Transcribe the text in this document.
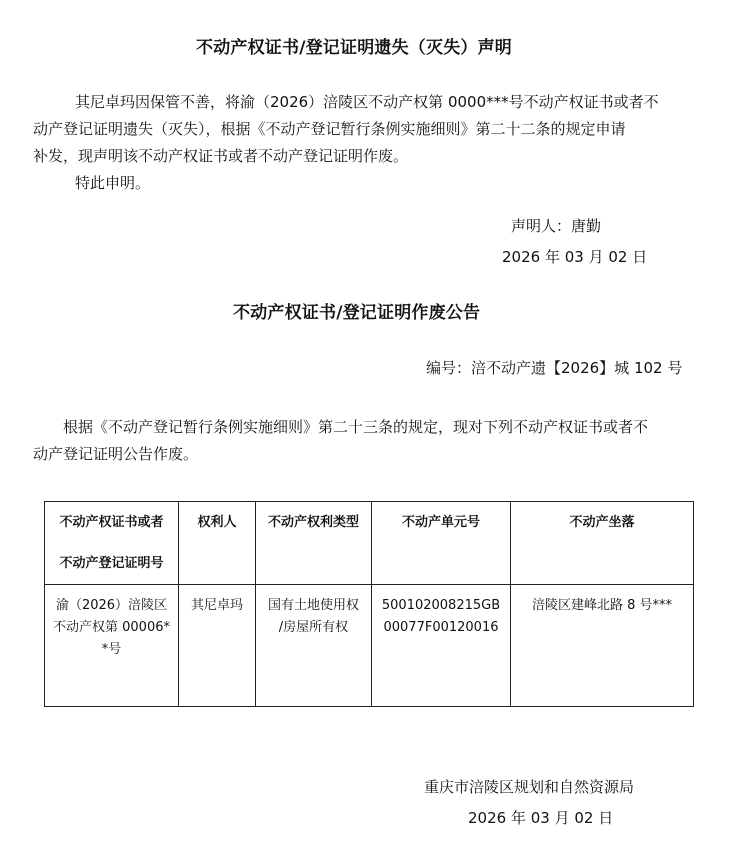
不动产权证书/登记证明遗失（灭失）声明
其尼卓玛因保管不善，将渝（2026）涪陵区不动产权第 0000***号不动产权证书或者不
动产登记证明遗失（灭失），根据《不动产登记暂行条例实施细则》第二十二条的规定申请
补发，现声明该不动产权证书或者不动产登记证明作废。
特此申明。
声明人：唐勤
2026 年 03 月 02 日
不动产权证书/登记证明作废公告
编号：涪不动产遗【2026】城 102 号
根据《不动产登记暂行条例实施细则》第二十三条的规定，现对下列不动产权证书或者不
动产登记证明公告作废。
不动产权证书或者
不动产登记证明号	权利人	不动产权利类型	不动产单元号	不动产坐落

渝（2026）涪陵区
不动产权第 00006*
*号	其尼卓玛	国有土地使用权
/房屋所有权	500102008215GB
00077F00120016	涪陵区建峰北路 8 号***
重庆市涪陵区规划和自然资源局
2026 年 03 月 02 日
